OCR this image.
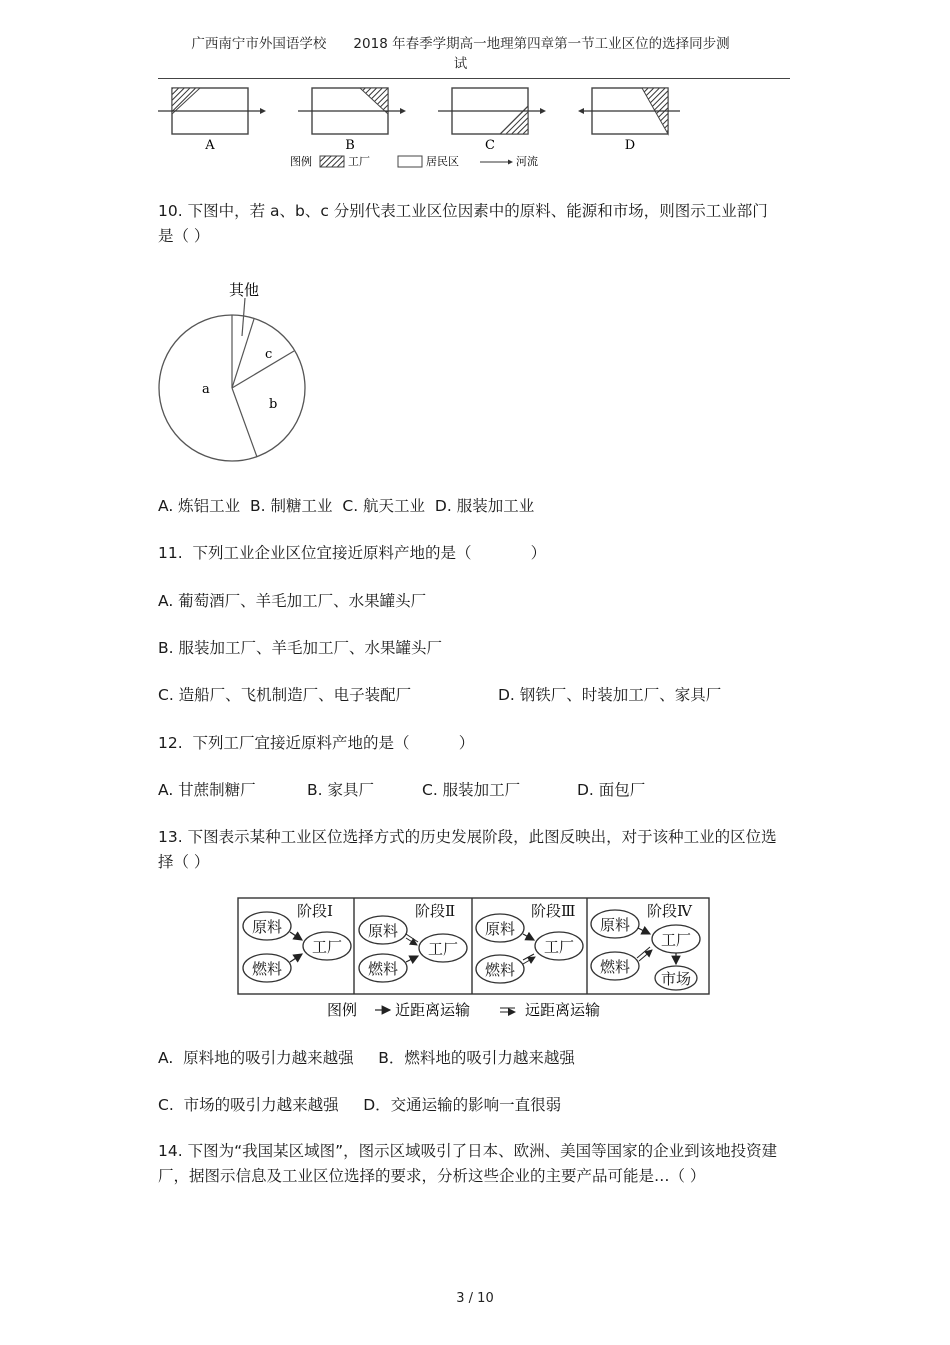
广西南宁市外国语学校　　2018 年春季学期高一地理第四章第一节工业区位的选择同步测
试
A	B	C	D
图例	工厂	居民区	河流
10. 下图中，若 a、b、c 分别代表工业区位因素中的原料、能源和市场，则图示工业部门是（ ）
其他
a
b
c
A. 炼铝工业  B. 制糖工业  C. 航天工业  D. 服装加工业
11.  下列工业企业区位宜接近原料产地的是（            ）
A. 葡萄酒厂、羊毛加工厂、水果罐头厂
B. 服装加工厂、羊毛加工厂、水果罐头厂
C. 造船厂、飞机制造厂、电子装配厂	D. 钢铁厂、时装加工厂、家具厂
12.  下列工厂宜接近原料产地的是（          ）
A. 甘蔗制糖厂	B. 家具厂	C. 服装加工厂	D. 面包厂
13. 下图表示某种工业区位选择方式的历史发展阶段，此图反映出，对于该种工业的区位选择（ ）
阶段Ⅰ
原料
燃料
工厂
阶段Ⅱ
原料
燃料
工厂
阶段Ⅲ
原料
燃料
工厂
阶段Ⅳ
原料
燃料
工厂
市场
图例	近距离运输	远距离运输
A.  原料地的吸引力越来越强     B．燃料地的吸引力越来越强
C.  市场的吸引力越来越强     D．交通运输的影响一直很弱
14. 下图为“我国某区域图”，图示区域吸引了日本、欧洲、美国等国家的企业到该地投资建厂，据图示信息及工业区位选择的要求，分析这些企业的主要产品可能是…（ ）
3 / 10
